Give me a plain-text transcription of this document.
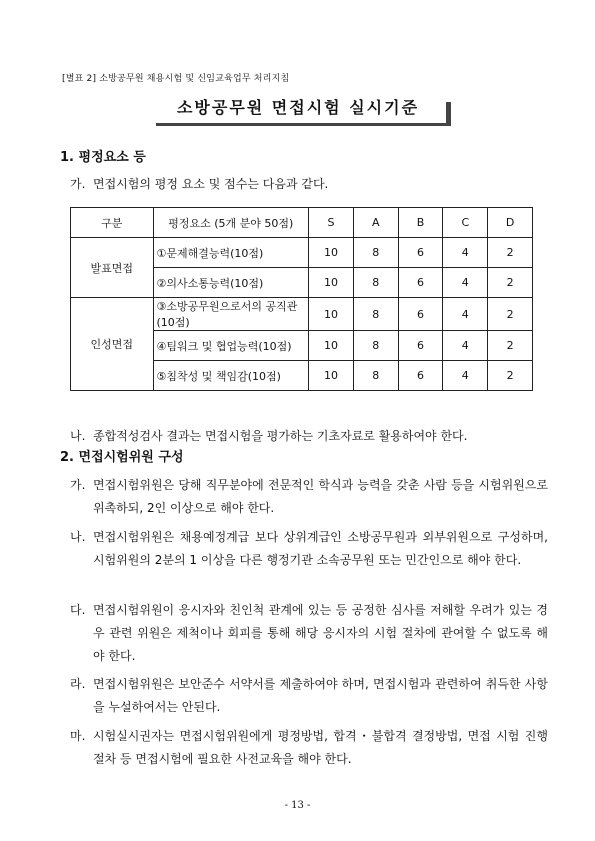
[별표 2] 소방공무원 채용시험 및 신임교육업무 처리지침
소방공무원 면접시험 실시기준
1. 평정요소 등
가. 면접시험의 평정 요소 및 점수는 다음과 같다.
구분	평정요소 (5개 분야 50점)	S	A	B	C	D
발표면접	①문제해결능력(10점)	10	8	6	4	2
	②의사소통능력(10점)	10	8	6	4	2
인성면접	③소방공무원으로서의 공직관(10점)	10	8	6	4	2
	④팀워크 및 협업능력(10점)	10	8	6	4	2
	⑤침착성 및 책임감(10점)	10	8	6	4	2
나. 종합적성검사 결과는 면접시험을 평가하는 기초자료로 활용하여야 한다.
2. 면접시험위원 구성
가. 면접시험위원은 당해 직무분야에 전문적인 학식과 능력을 갖춘 사람 등을 시험위원으로 위촉하되, 2인 이상으로 해야 한다.
나. 면접시험위원은 채용예정계급 보다 상위계급인 소방공무원과 외부위원으로 구성하며, 시험위원의 2분의 1 이상을 다른 행정기관 소속공무원 또는 민간인으로 해야 한다.
다. 면접시험위원이 응시자와 친인척 관계에 있는 등 공정한 심사를 저해할 우려가 있는 경우 관련 위원은 제척이나 회피를 통해 해당 응시자의 시험 절차에 관여할 수 없도록 해야 한다.
라. 면접시험위원은 보안준수 서약서를 제출하여야 하며, 면접시험과 관련하여 취득한 사항을 누설하여서는 안된다.
마. 시험실시권자는 면접시험위원에게 평정방법, 합격・불합격 결정방법, 면접 시험 진행 절차 등 면접시험에 필요한 사전교육을 해야 한다.
- 13 -
